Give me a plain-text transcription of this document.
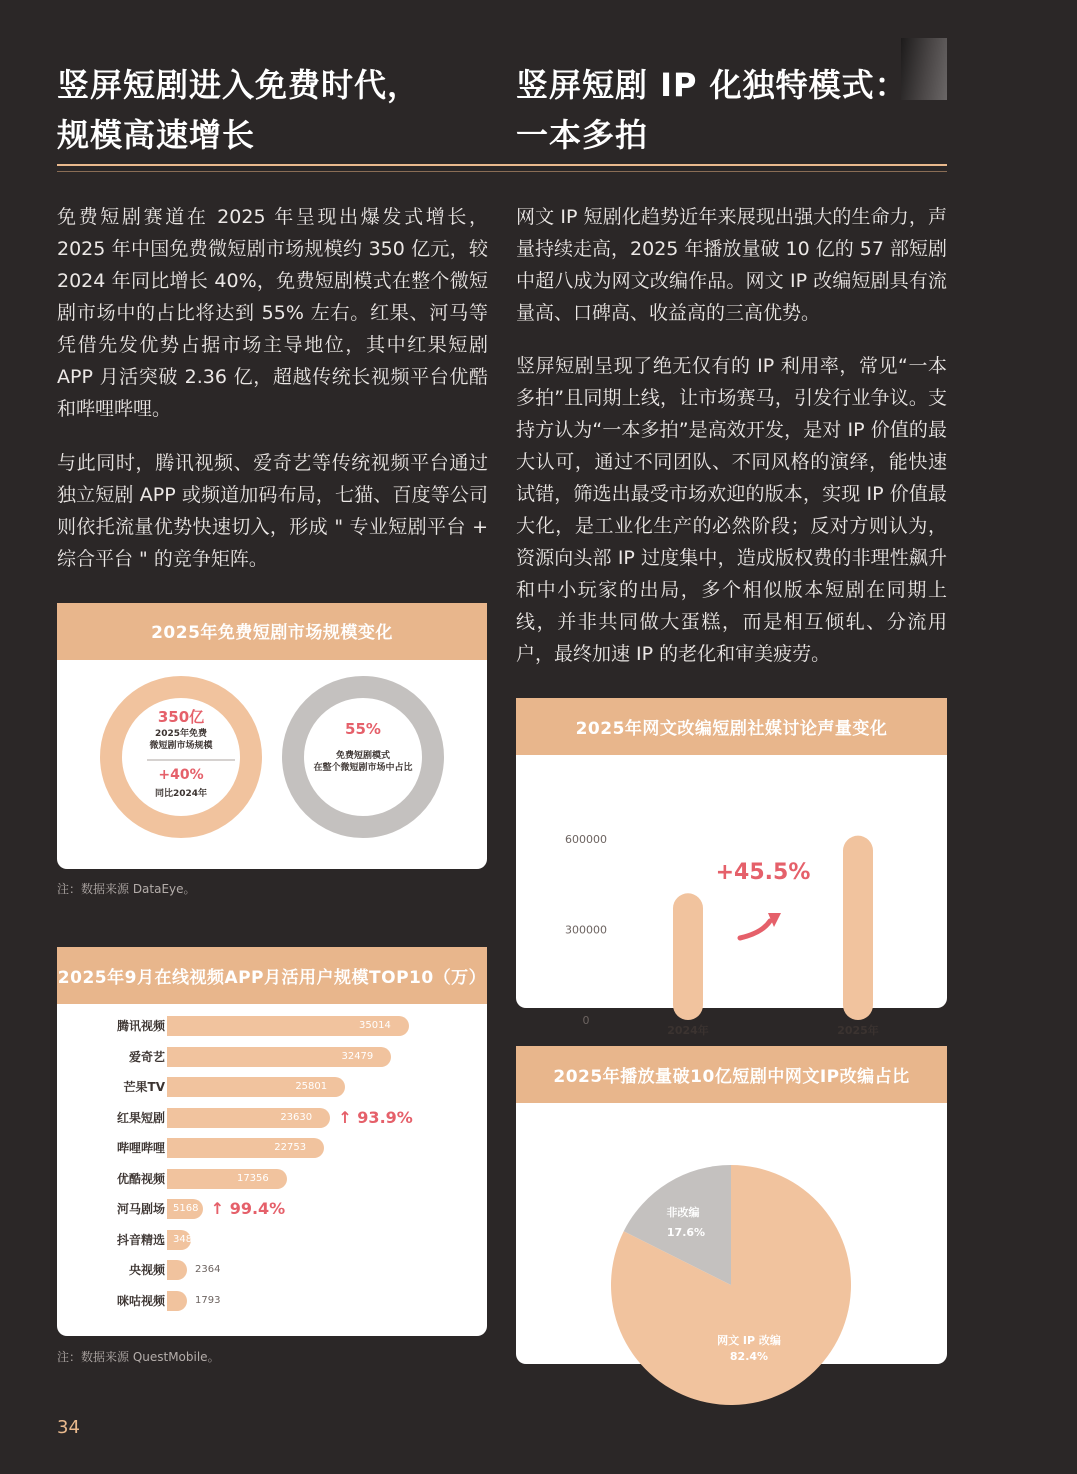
竖屏短剧进入免费时代，
规模高速增长
竖屏短剧 IP 化独特模式：
一本多拍
免费短剧赛道在 2025 年呈现出爆发式增长，2025 年中国免费微短剧市场规模约 350 亿元，较 2024 年同比增长 40%，免费短剧模式在整个微短剧市场中的占比将达到 55% 左右。红果、河马等凭借先发优势占据市场主导地位，其中红果短剧 APP 月活突破 2.36 亿，超越传统长视频平台优酷和哔哩哔哩。
与此同时，腾讯视频、爱奇艺等传统视频平台通过独立短剧 APP 或频道加码布局，七猫、百度等公司则依托流量优势快速切入，形成 " 专业短剧平台 + 综合平台 " 的竞争矩阵。
网文 IP 短剧化趋势近年来展现出强大的生命力，声量持续走高，2025 年播放量破 10 亿的 57 部短剧中超八成为网文改编作品。网文 IP 改编短剧具有流量高、口碑高、收益高的三高优势。
竖屏短剧呈现了绝无仅有的 IP 利用率，常见“一本多拍”且同期上线，让市场赛马，引发行业争议。支持方认为“一本多拍”是高效开发，是对 IP 价值的最大认可，通过不同团队、不同风格的演绎，能快速试错，筛选出最受市场欢迎的版本，实现 IP 价值最大化，是工业化生产的必然阶段；反对方则认为，资源向头部 IP 过度集中，造成版权费的非理性飙升和中小玩家的出局，多个相似版本短剧在同期上线，并非共同做大蛋糕，而是相互倾轧、分流用户，最终加速 IP 的老化和审美疲劳。
2025年免费短剧市场规模变化
350亿
2025年免费
微短剧市场规模
+40%
同比2024年
55%
免费短剧模式
在整个微短剧市场中占比
注：数据来源 DataEye。
2025年9月在线视频APP月活用户规模TOP10（万）
腾讯视频	35014
爱奇艺	32479
芒果TV	25801
红果短剧	23630 ↑ 93.9%
哔哩哔哩	22753
优酷视频	17356
河马剧场 5168 ↑ 99.4%
抖音精选 3489
央视频	2364
咪咕视频	1793
注：数据来源 QuestMobile。
2025年网文改编短剧社媒讨论声量变化
0
300000
600000
2024年	2025年
+45.5%
2025年播放量破10亿短剧中网文IP改编占比
非改编
17.6%
网文 IP 改编
82.4%
34
